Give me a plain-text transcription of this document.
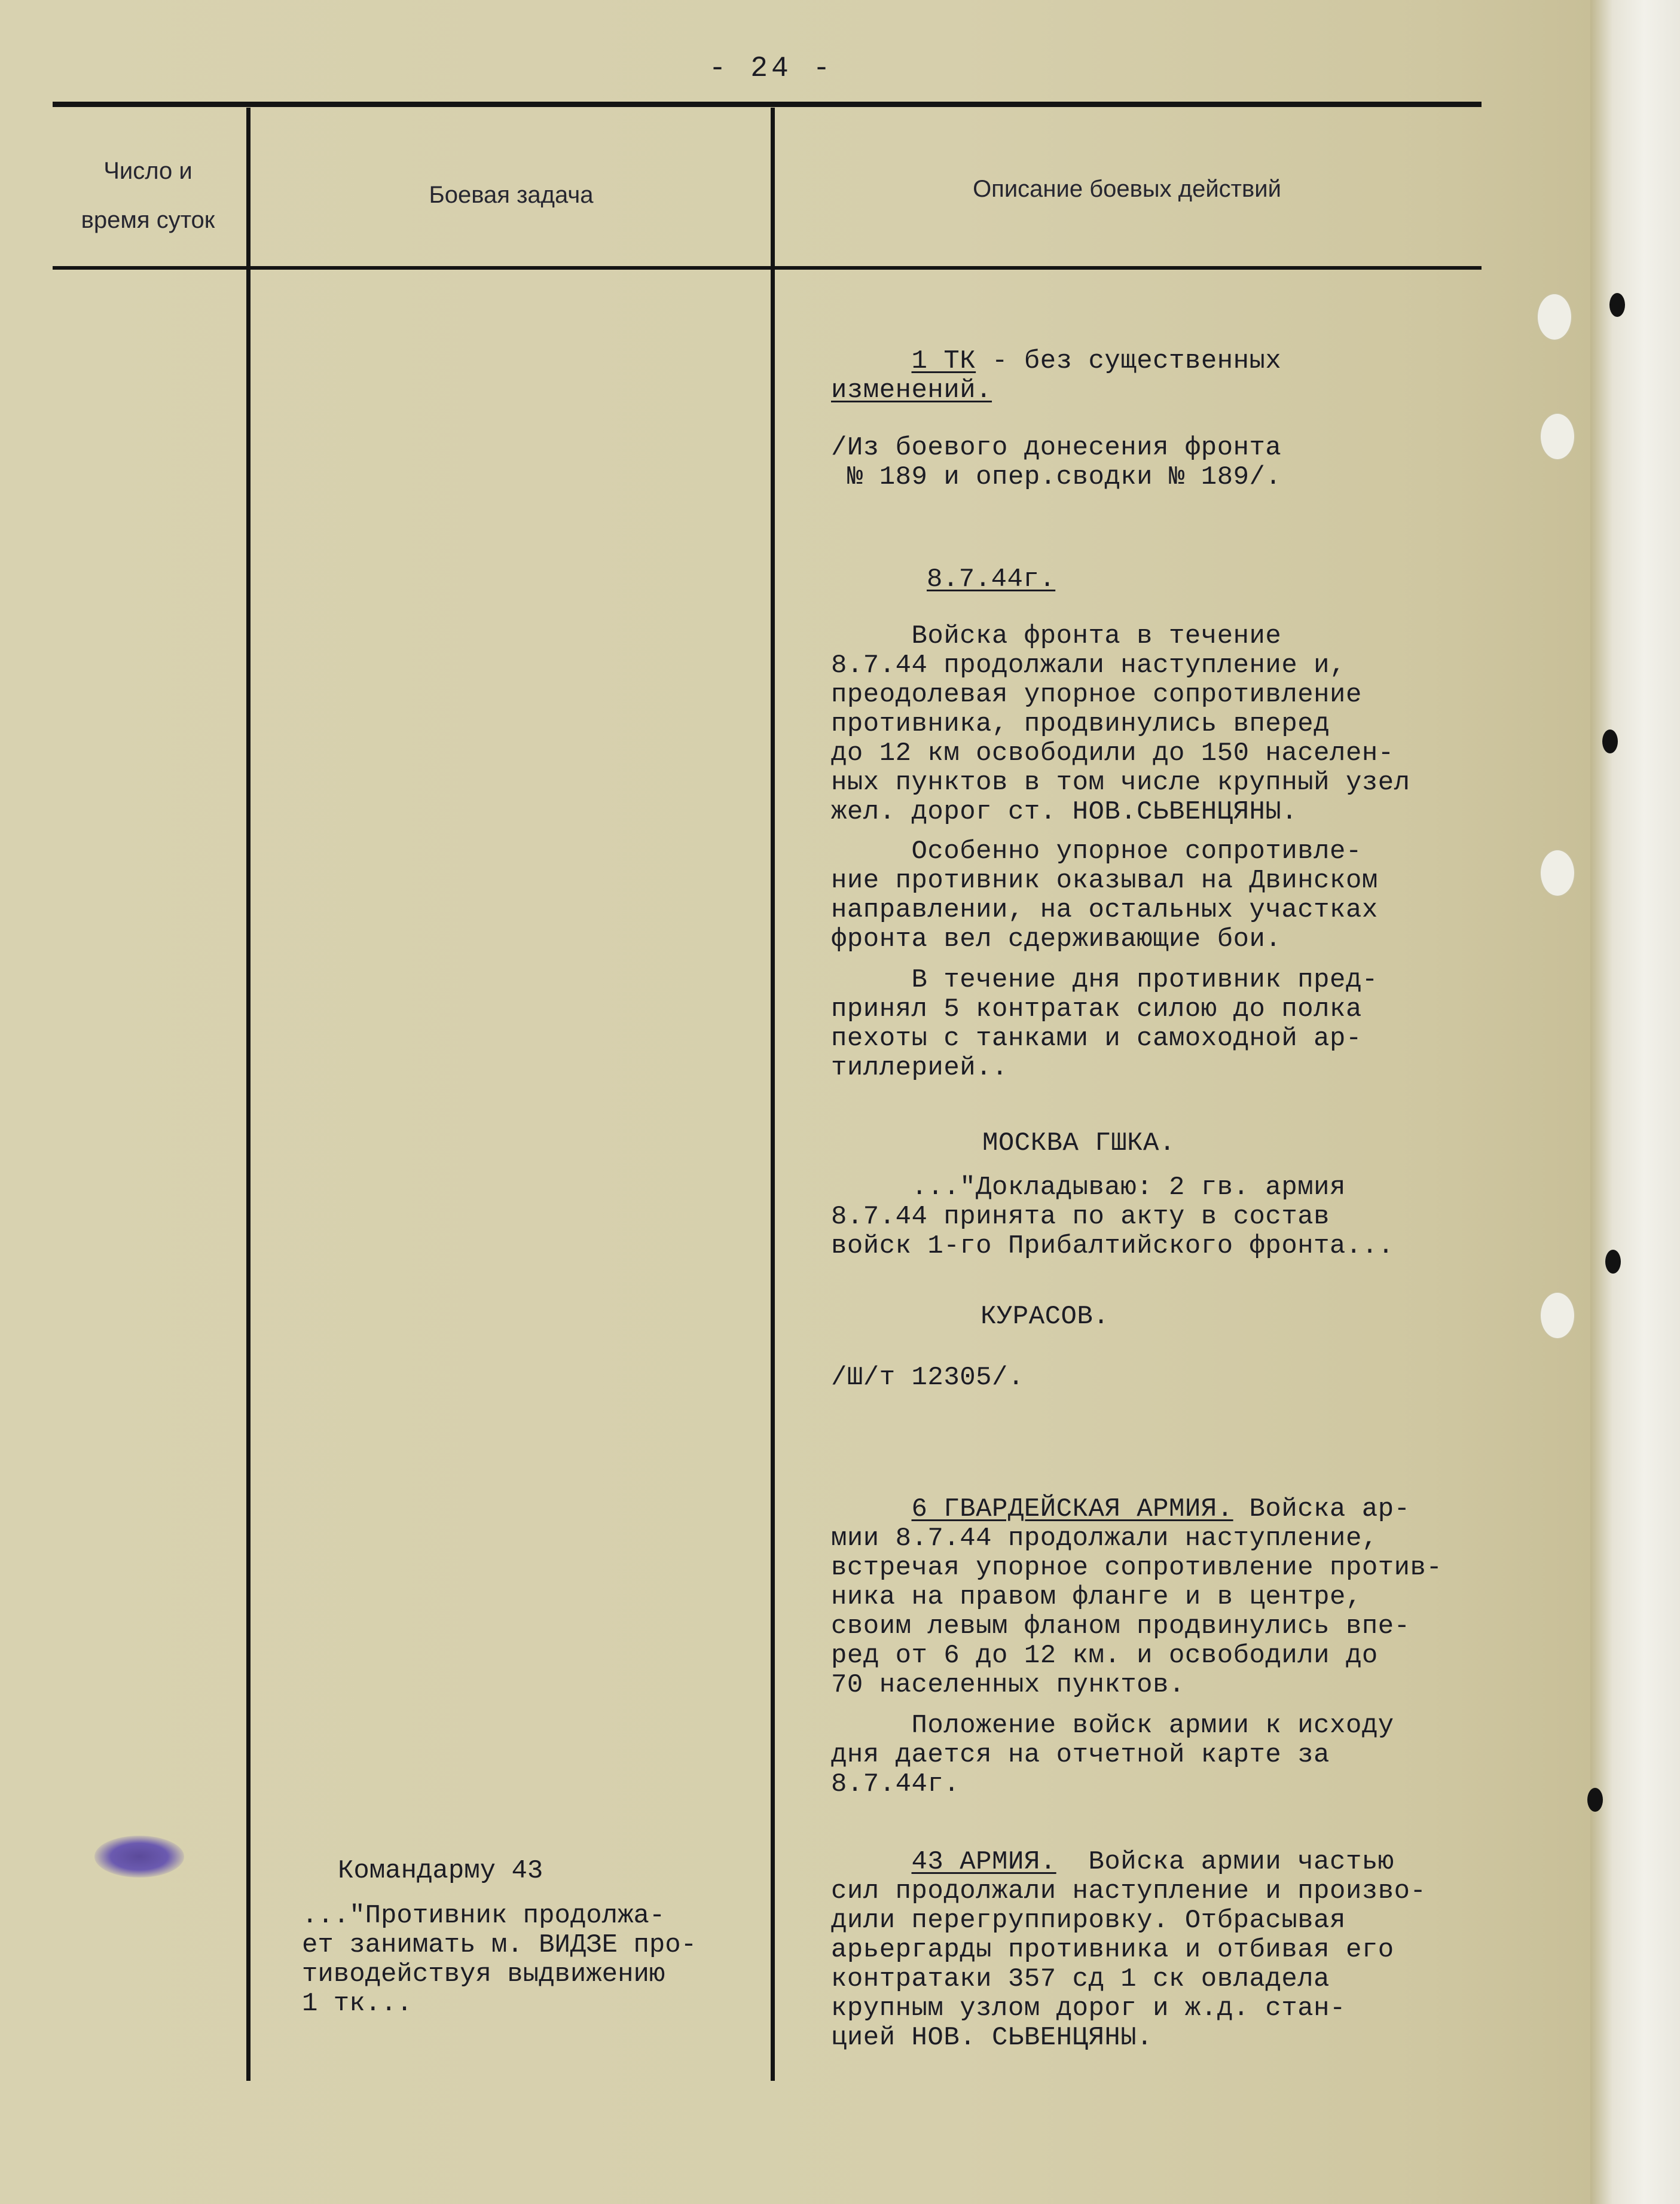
- 24 -
Число и
время суток
Боевая задача	Описание боевых действий
1 ТК - без существенных
изменений.
/Из боевого донесения фронта
№ 189 и опер.сводки № 189/.
8.7.44г.
Войска фронта в течение
8.7.44 продолжали наступление и,
преодолевая упорное сопротивление
противника, продвинулись вперед
до 12 км освободили до 150 населен-
ных пунктов в том числе крупный узел
жел. дорог ст. НОВ.СЬВЕНЦЯНЫ.
Особенно упорное сопротивле-
ние противник оказывал на Двинском
направлении, на остальных участках
фронта вел сдерживающие бои.
В течение дня противник пред-
принял 5 контратак силою до полка
пехоты с танками и самоходной ар-
тиллерией..
МОСКВА ГШКА.
..."Докладываю: 2 гв. армия
8.7.44 принята по акту в состав
войск 1-го Прибалтийского фронта...
КУРАСОВ.
/Ш/т 12305/.
6 ГВАРДЕЙСКАЯ АРМИЯ. Войска ар-
мии 8.7.44 продолжали наступление,
встречая упорное сопротивление против-
ника на правом фланге и в центре,
своим левым фланом продвинулись впе-
ред от 6 до 12 км. и освободили до
70 населенных пунктов.
Положение войск армии к исходу
дня дается на отчетной карте за
8.7.44г.
43 АРМИЯ.  Войска армии частью
сил продолжали наступление и произво-
дили перегруппировку. Отбрасывая
арьергарды противника и отбивая его
контратаки 357 сд 1 ск овладела
крупным узлом дорог и ж.д. стан-
цией НОВ. СЬВЕНЦЯНЫ.
Командарму 43
..."Противник продолжа-
ет занимать м. ВИДЗЕ про-
тиводействуя выдвижению
1 тк...
